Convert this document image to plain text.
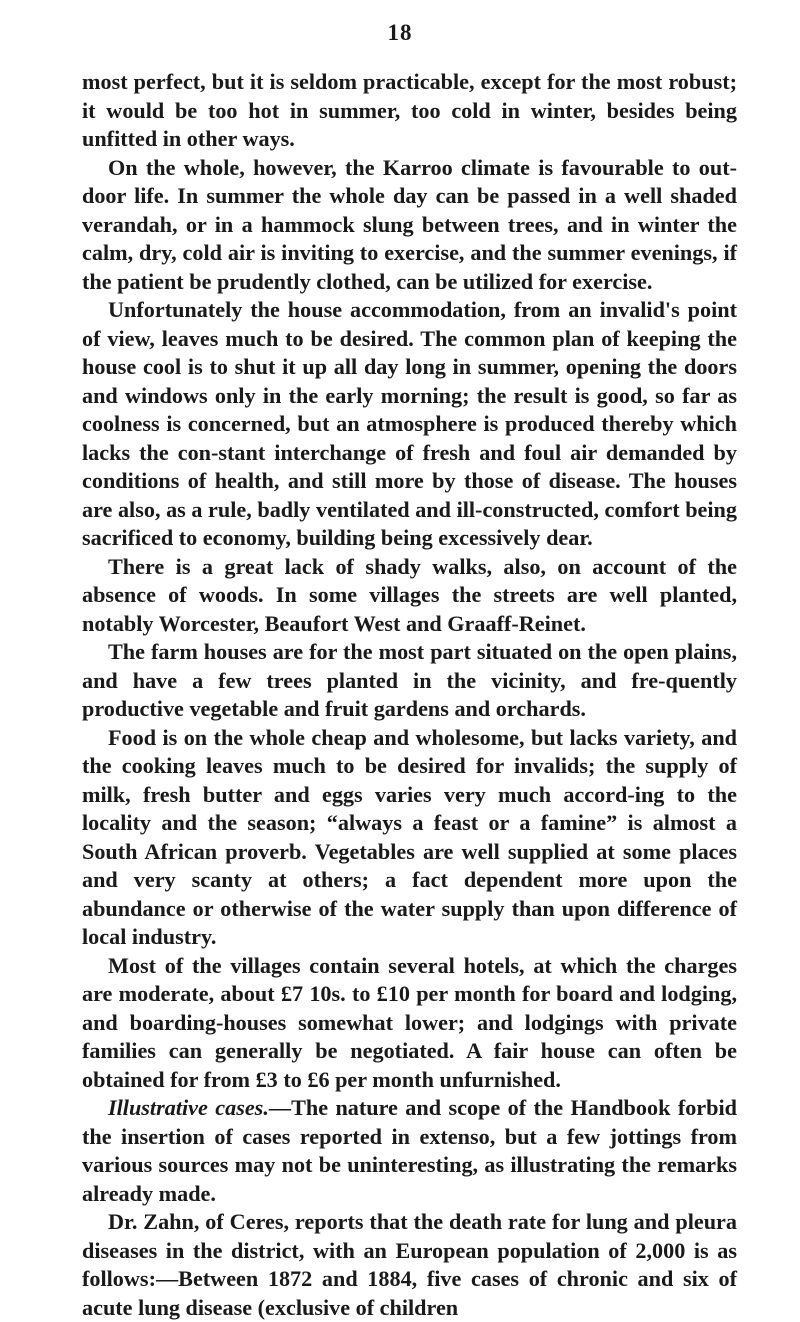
18

most perfect, but it is seldom practicable, except for the most robust; it would be too hot in summer, too cold in winter, besides being unfitted in other ways.

On the whole, however, the Karroo climate is favourable to out-door life. In summer the whole day can be passed in a well shaded verandah, or in a hammock slung between trees, and in winter the calm, dry, cold air is inviting to exercise, and the summer evenings, if the patient be prudently clothed, can be utilized for exercise.

Unfortunately the house accommodation, from an invalid's point of view, leaves much to be desired. The common plan of keeping the house cool is to shut it up all day long in summer, opening the doors and windows only in the early morning; the result is good, so far as coolness is concerned, but an atmosphere is produced thereby which lacks the con-stant interchange of fresh and foul air demanded by conditions of health, and still more by those of disease. The houses are also, as a rule, badly ventilated and ill-constructed, comfort being sacrificed to economy, building being excessively dear.

There is a great lack of shady walks, also, on account of the absence of woods. In some villages the streets are well planted, notably Worcester, Beaufort West and Graaff-Reinet.

The farm houses are for the most part situated on the open plains, and have a few trees planted in the vicinity, and fre-quently productive vegetable and fruit gardens and orchards.

Food is on the whole cheap and wholesome, but lacks variety, and the cooking leaves much to be desired for invalids; the supply of milk, fresh butter and eggs varies very much accord-ing to the locality and the season; “always a feast or a famine” is almost a South African proverb. Vegetables are well supplied at some places and very scanty at others; a fact dependent more upon the abundance or otherwise of the water supply than upon difference of local industry.

Most of the villages contain several hotels, at which the charges are moderate, about £7 10s. to £10 per month for board and lodging, and boarding-houses somewhat lower; and lodgings with private families can generally be negotiated. A fair house can often be obtained for from £3 to £6 per month unfurnished.

Illustrative cases.—The nature and scope of the Handbook forbid the insertion of cases reported in extenso, but a few jottings from various sources may not be uninteresting, as illustrating the remarks already made.

Dr. Zahn, of Ceres, reports that the death rate for lung and pleura diseases in the district, with an European population of 2,000 is as follows:—Between 1872 and 1884, five cases of chronic and six of acute lung disease (exclusive of children
